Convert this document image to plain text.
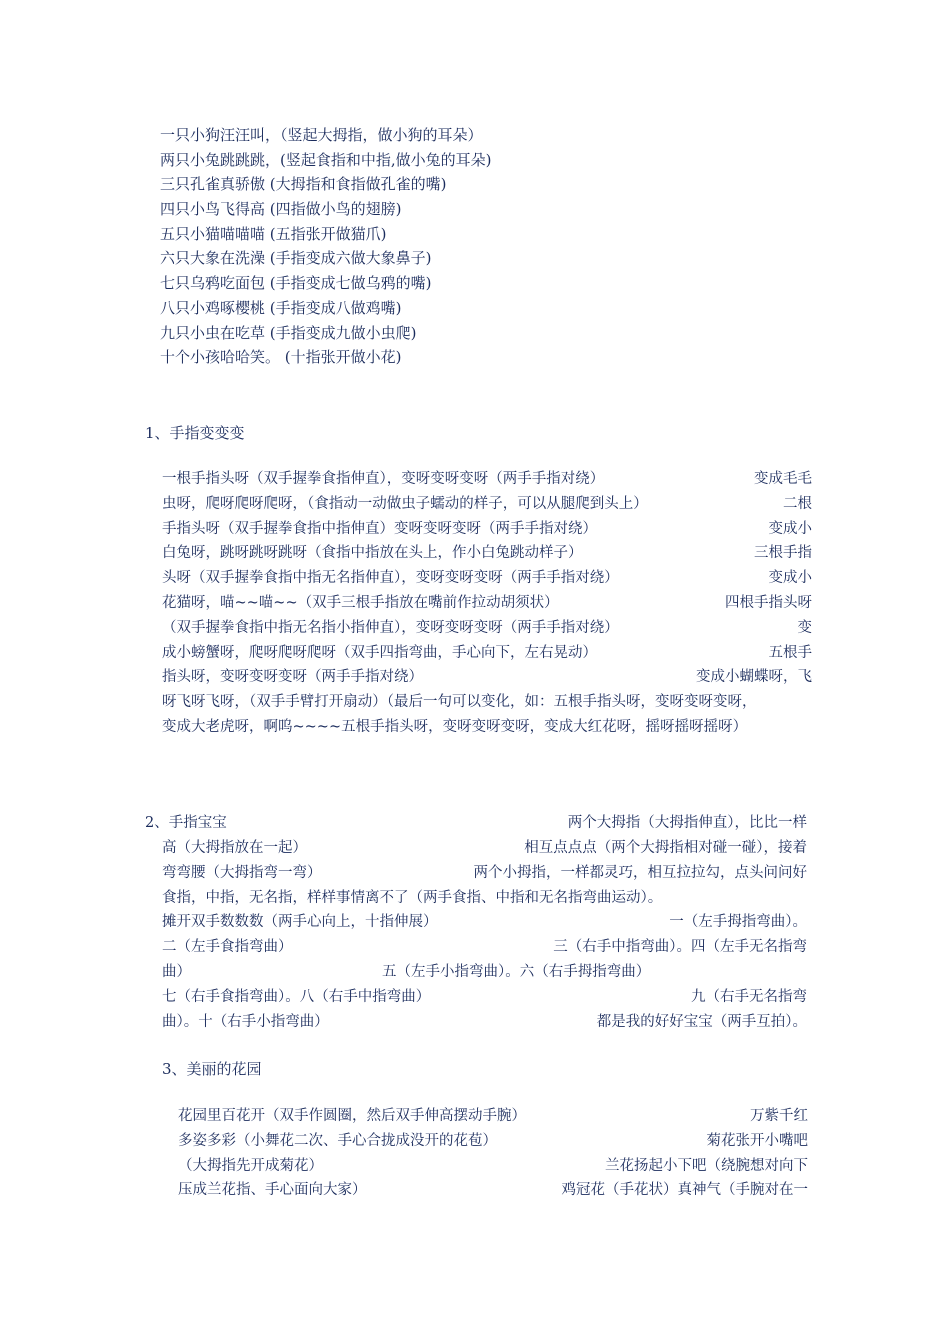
一只小狗汪汪叫，（竖起大拇指，做小狗的耳朵）
两只小兔跳跳跳，(竖起食指和中指,做小兔的耳朵)
三只孔雀真骄傲 (大拇指和食指做孔雀的嘴)
四只小鸟飞得高 (四指做小鸟的翅膀)
五只小猫喵喵喵 (五指张开做猫爪)
六只大象在洗澡 (手指变成六做大象鼻子)
七只乌鸦吃面包 (手指变成七做乌鸦的嘴)
八只小鸡啄樱桃 (手指变成八做鸡嘴)
九只小虫在吃草 (手指变成九做小虫爬)
十个小孩哈哈笑。 (十指张开做小花)
1、手指变变变
一根手指头呀（双手握拳食指伸直），变呀变呀变呀（两手手指对绕）	变成毛毛
虫呀，爬呀爬呀爬呀，（食指动一动做虫子蠕动的样子，可以从腿爬到头上）	二根
手指头呀（双手握拳食指中指伸直）变呀变呀变呀（两手手指对绕）	变成小
白兔呀，跳呀跳呀跳呀（食指中指放在头上，作小白兔跳动样子）	三根手指
头呀（双手握拳食指中指无名指伸直），变呀变呀变呀（两手手指对绕）	变成小
花猫呀，喵~~喵~~（双手三根手指放在嘴前作拉动胡须状）	四根手指头呀
（双手握拳食指中指无名指小指伸直），变呀变呀变呀（两手手指对绕）	变
成小螃蟹呀，爬呀爬呀爬呀（双手四指弯曲，手心向下，左右晃动）	五根手
指头呀，变呀变呀变呀（两手手指对绕）	变成小蝴蝶呀，飞
呀飞呀飞呀，（双手手臂打开扇动）（最后一句可以变化，如：五根手指头呀，变呀变呀变呀，
变成大老虎呀，啊呜~~~~五根手指头呀，变呀变呀变呀，变成大红花呀，摇呀摇呀摇呀）
2、手指宝宝	两个大拇指（大拇指伸直），比比一样
高（大拇指放在一起）	相互点点点（两个大拇指相对碰一碰），接着
弯弯腰（大拇指弯一弯）	两个小拇指，一样都灵巧，相互拉拉勾，点头问问好
食指，中指，无名指，样样事情离不了（两手食指、中指和无名指弯曲运动）。
摊开双手数数数（两手心向上，十指伸展）	一（左手拇指弯曲）。
二（左手食指弯曲）	三（右手中指弯曲）。四（左手无名指弯
曲）	五（左手小指弯曲）。六（右手拇指弯曲）
七（右手食指弯曲）。八（右手中指弯曲）	九（右手无名指弯
曲）。十（右手小指弯曲）	都是我的好好宝宝（两手互拍）。
3、美丽的花园
花园里百花开（双手作圆圈，然后双手伸高摆动手腕）	万紫千红
多姿多彩（小舞花二次、手心合拢成没开的花苞）	菊花张开小嘴吧
（大拇指先开成菊花）	兰花扬起小下吧（绕腕想对向下
压成兰花指、手心面向大家）	鸡冠花（手花状）真神气（手腕对在一
